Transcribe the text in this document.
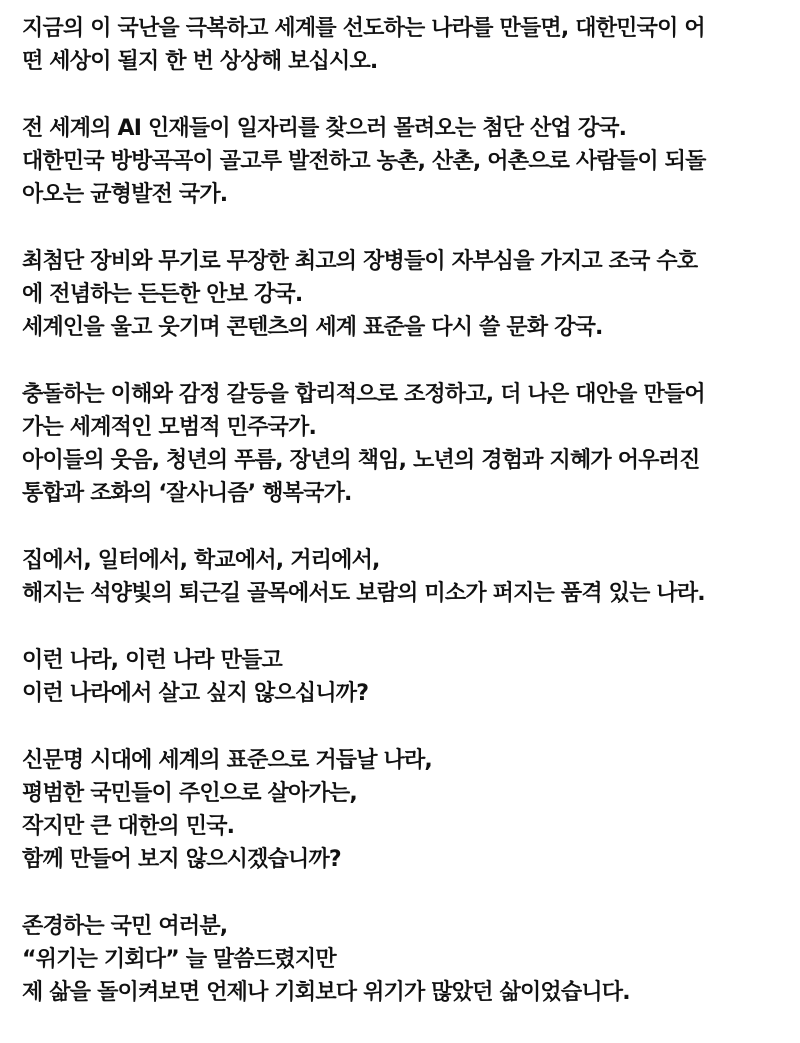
지금의 이 국난을 극복하고 세계를 선도하는 나라를 만들면, 대한민국이 어
떤 세상이 될지 한 번 상상해 보십시오.
전 세계의 AI 인재들이 일자리를 찾으러 몰려오는 첨단 산업 강국.
대한민국 방방곡곡이 골고루 발전하고 농촌, 산촌, 어촌으로 사람들이 되돌
아오는 균형발전 국가.
최첨단 장비와 무기로 무장한 최고의 장병들이 자부심을 가지고 조국 수호
에 전념하는 든든한 안보 강국.
세계인을 울고 웃기며 콘텐츠의 세계 표준을 다시 쓸 문화 강국.
충돌하는 이해와 감정 갈등을 합리적으로 조정하고, 더 나은 대안을 만들어
가는 세계적인 모범적 민주국가.
아이들의 웃음, 청년의 푸름, 장년의 책임, 노년의 경험과 지혜가 어우러진
통합과 조화의 ‘잘사니즘’ 행복국가.
집에서, 일터에서, 학교에서, 거리에서,
해지는 석양빛의 퇴근길 골목에서도 보람의 미소가 퍼지는 품격 있는 나라.
이런 나라, 이런 나라 만들고
이런 나라에서 살고 싶지 않으십니까?
신문명 시대에 세계의 표준으로 거듭날 나라,
평범한 국민들이 주인으로 살아가는,
작지만 큰 대한의 민국.
함께 만들어 보지 않으시겠습니까?
존경하는 국민 여러분,
“위기는 기회다” 늘 말씀드렸지만
제 삶을 돌이켜보면 언제나 기회보다 위기가 많았던 삶이었습니다.
